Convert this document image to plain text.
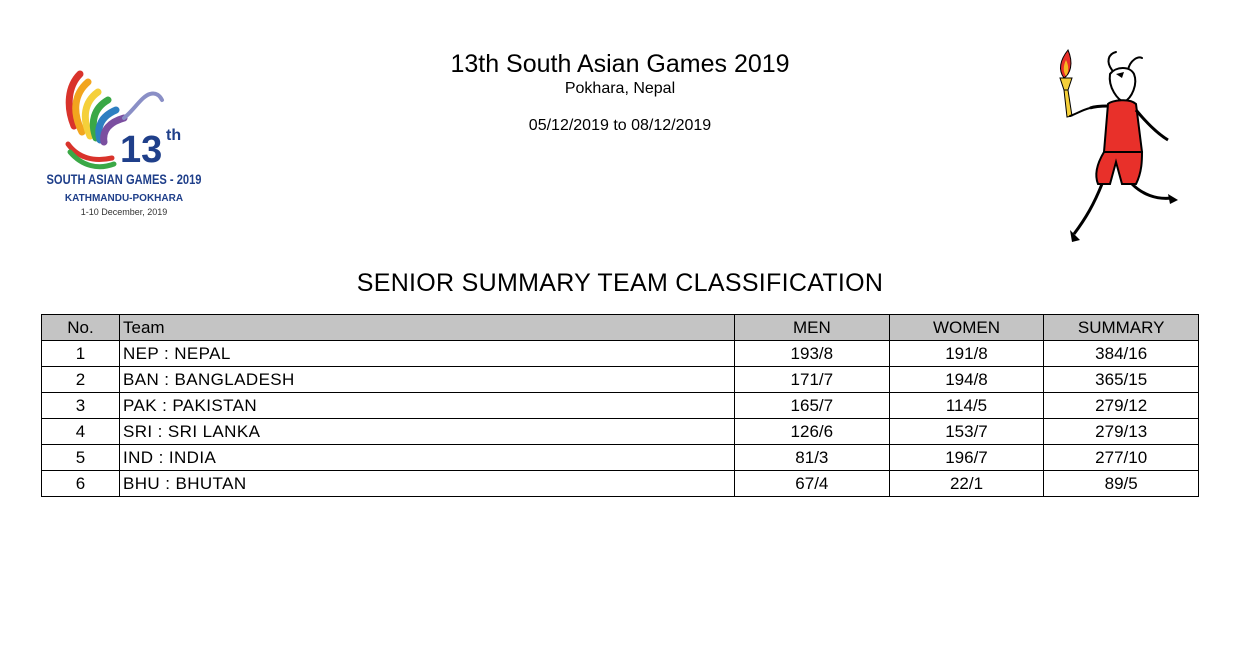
13 th
SOUTH ASIAN GAMES - 2019
KATHMANDU-POKHARA
1-10 December, 2019
13th South Asian Games 2019
Pokhara, Nepal
05/12/2019 to 08/12/2019
SENIOR SUMMARY TEAM CLASSIFICATION
No.	Team	MEN	WOMEN	SUMMARY
1	NEP : NEPAL	193/8	191/8	384/16
2	BAN : BANGLADESH	171/7	194/8	365/15
3	PAK : PAKISTAN	165/7	114/5	279/12
4	SRI : SRI LANKA	126/6	153/7	279/13
5	IND : INDIA	81/3	196/7	277/10
6	BHU : BHUTAN	67/4	22/1	89/5
